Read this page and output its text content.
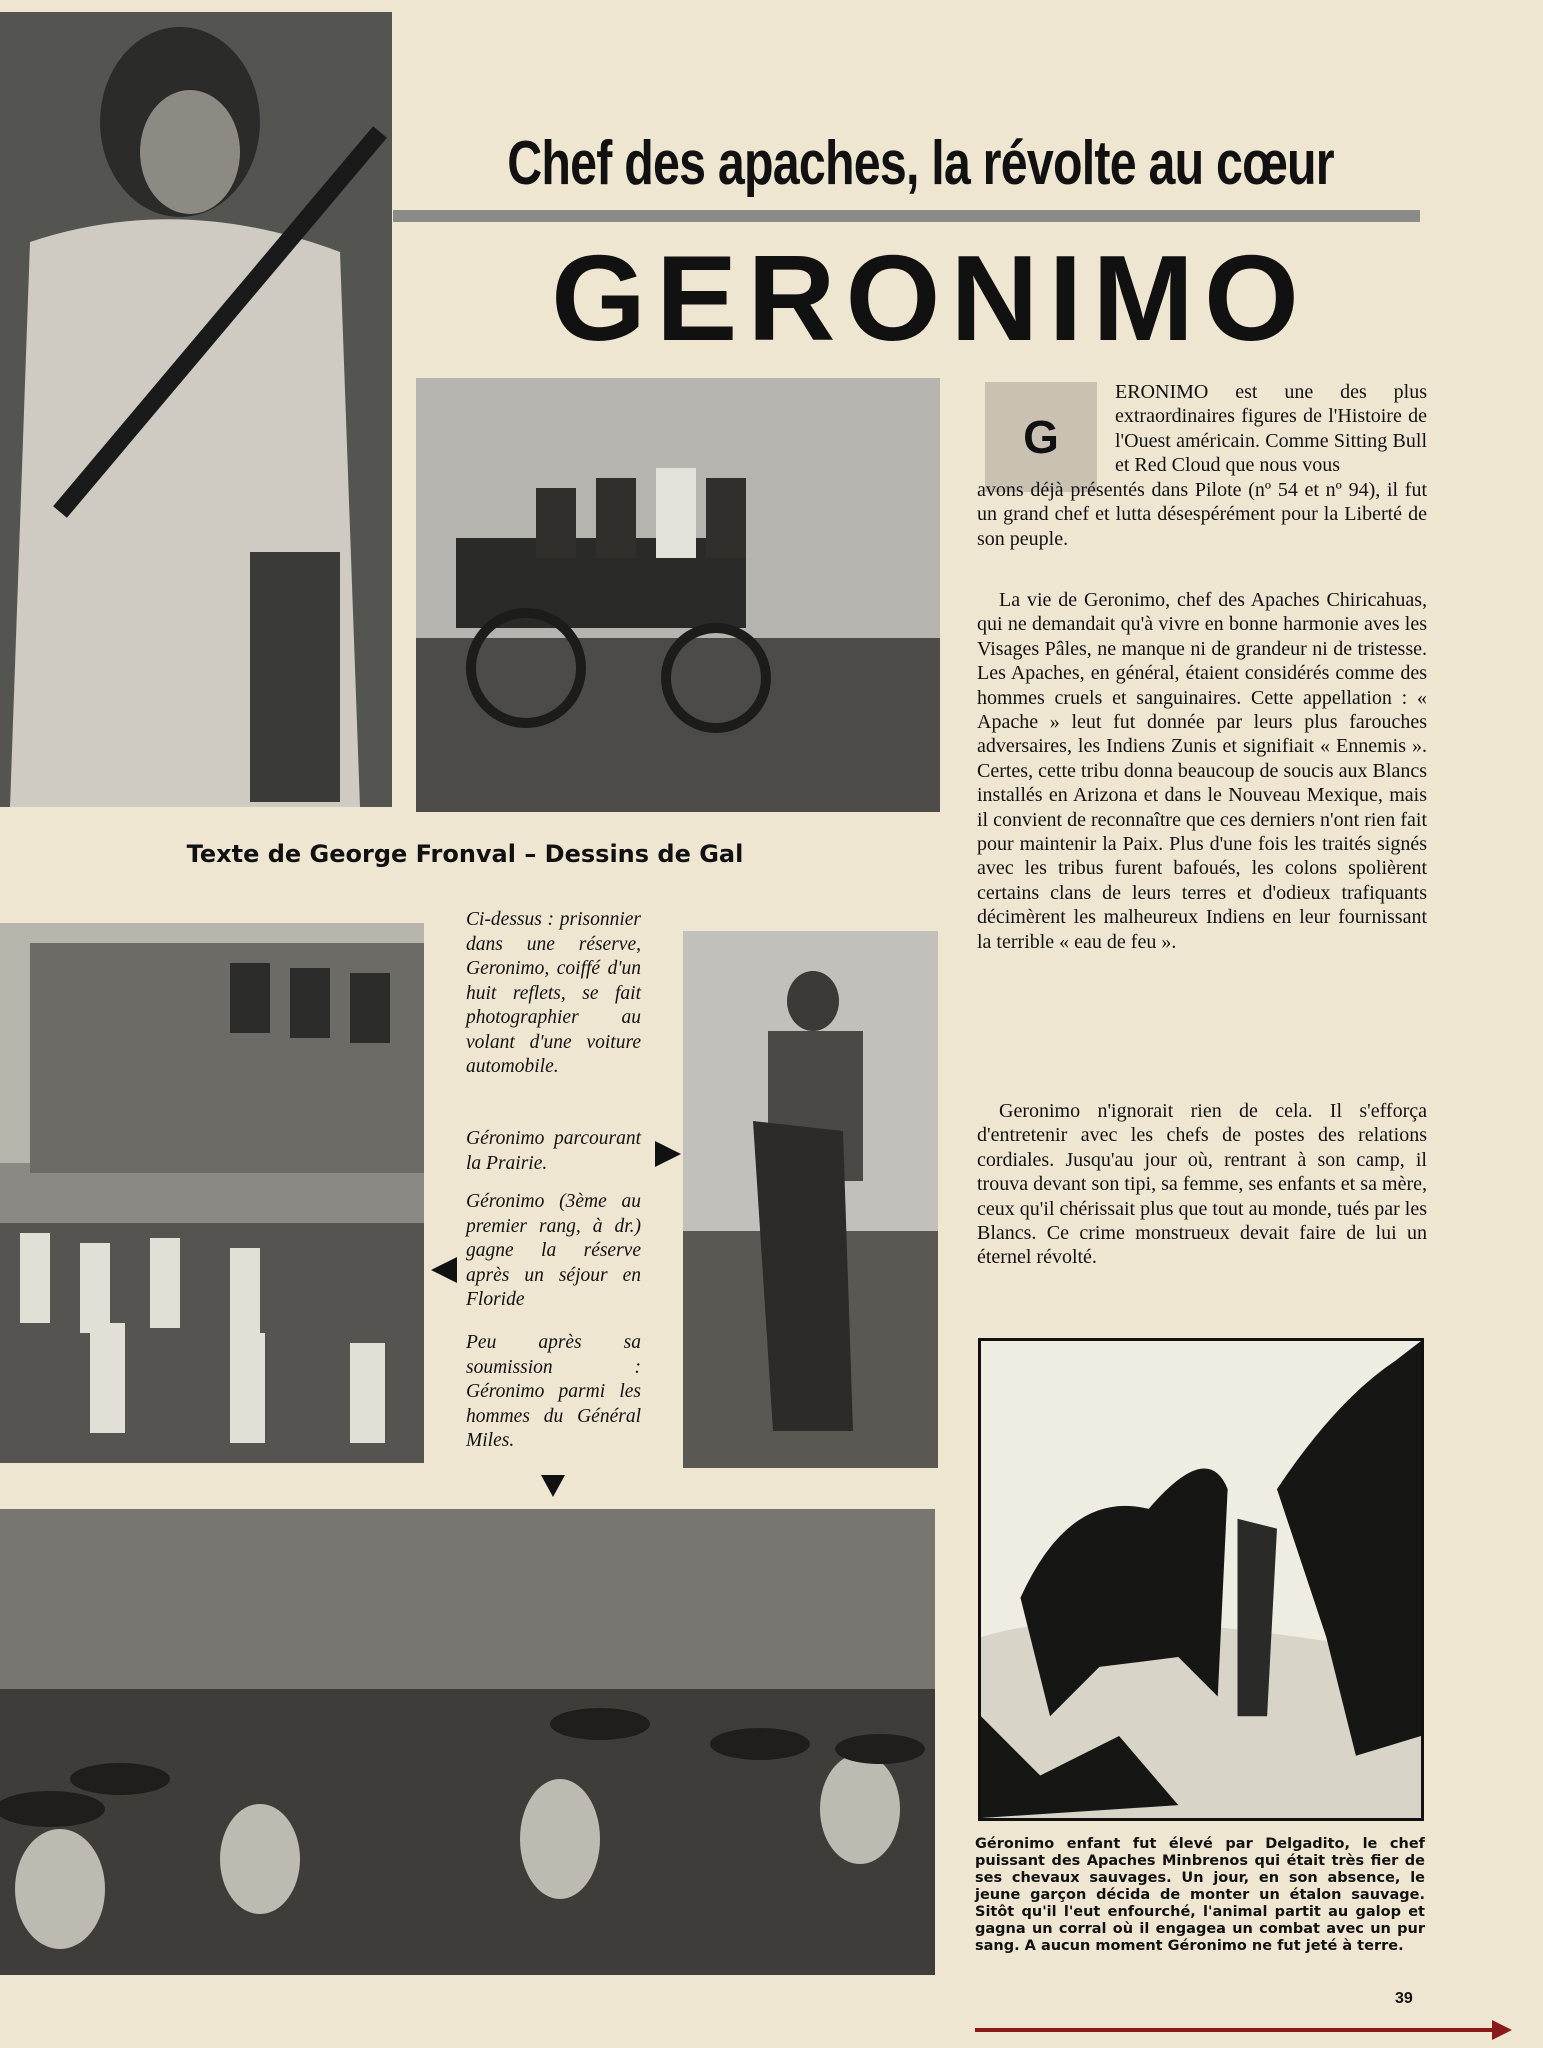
Chef des apaches, la révolte au cœur
GERONIMO
G
ERONIMO est une des plus extraordinaires figures de l'Histoire de l'Ouest américain. Comme Sitting Bull et Red Cloud que nous vous
avons déjà présentés dans Pilote (nº 54 et nº 94), il fut un grand chef et lutta désespérément pour la Liberté de son peuple.
La vie de Geronimo, chef des Apaches Chiricahuas, qui ne demandait qu'à vivre en bonne harmonie aves les Visages Pâles, ne manque ni de grandeur ni de tristesse. Les Apaches, en général, étaient considérés comme des hommes cruels et sanguinaires. Cette appellation : « Apache » leut fut donnée par leurs plus farouches adversaires, les Indiens Zunis et signifiait « Ennemis ». Certes, cette tribu donna beaucoup de soucis aux Blancs installés en Arizona et dans le Nouveau Mexique, mais il convient de reconnaître que ces derniers n'ont rien fait pour maintenir la Paix. Plus d'une fois les traités signés avec les tribus furent bafoués, les colons spolièrent certains clans de leurs terres et d'odieux trafiquants décimèrent les malheureux Indiens en leur fournissant la terrible « eau de feu ».
Geronimo n'ignorait rien de cela. Il s'efforça d'entretenir avec les chefs de postes des relations cordiales. Jusqu'au jour où, rentrant à son camp, il trouva devant son tipi, sa femme, ses enfants et sa mère, ceux qu'il chérissait plus que tout au monde, tués par les Blancs. Ce crime monstrueux devait faire de lui un éternel révolté.
Texte de George Fronval – Dessins de Gal
Ci-dessus : prisonnier dans une réserve, Geronimo, coiffé d'un huit reflets, se fait photographier au volant d'une voiture automobile.
Géronimo parcourant la Prairie.
Géronimo (3ème au premier rang, à dr.) gagne la réserve après un séjour en Floride
Peu après sa soumission : Géronimo parmi les hommes du Général Miles.
Géronimo enfant fut élevé par Delgadito, le chef puissant des Apaches Minbrenos qui était très fier de ses chevaux sauvages. Un jour, en son absence, le jeune garçon décida de monter un étalon sauvage. Sitôt qu'il l'eut enfourché, l'animal partit au galop et gagna un corral où il engagea un combat avec un pur sang. A aucun moment Géronimo ne fut jeté à terre.
39
